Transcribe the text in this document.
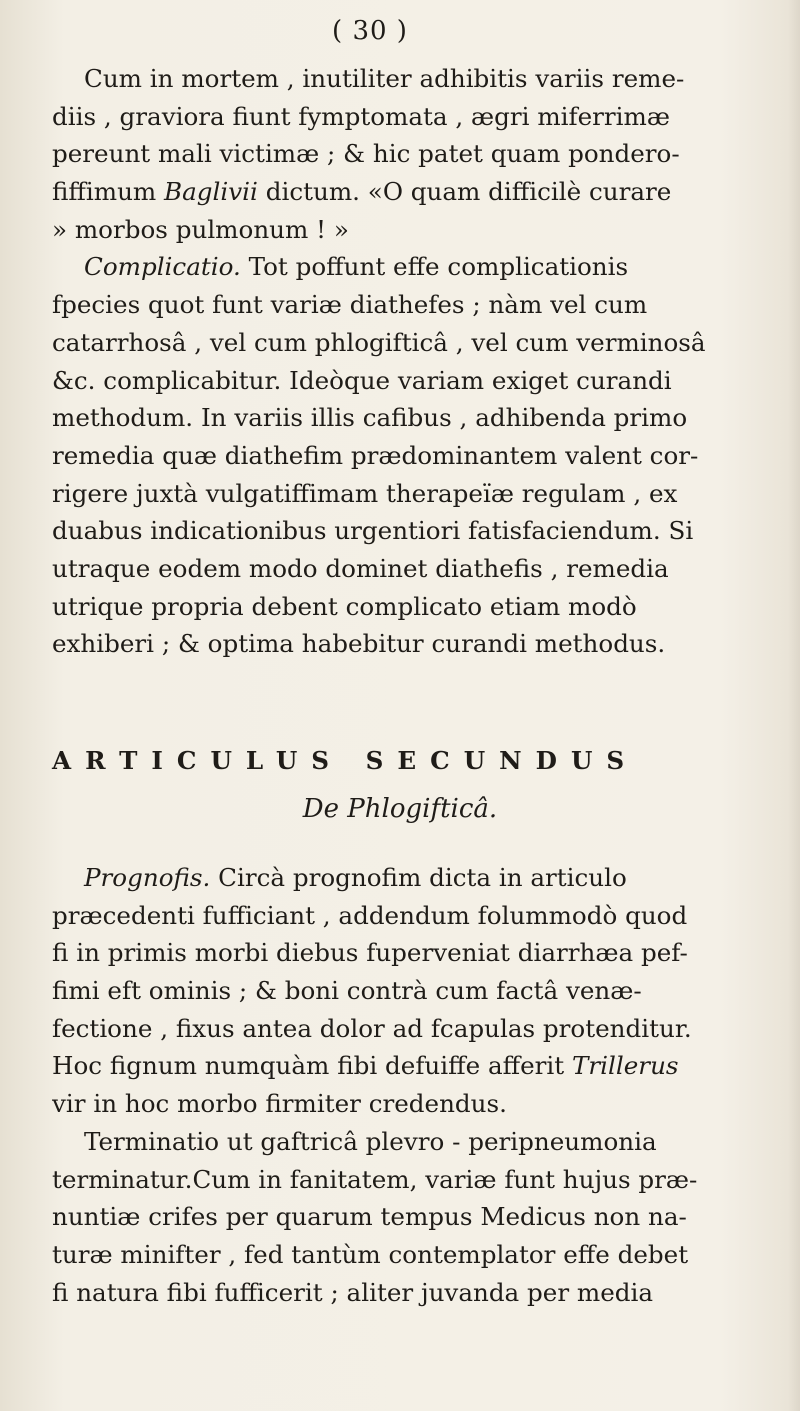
( 30 )
Cum in mortem , inutiliter adhibitis variis reme-
diis , graviora fiunt fymptomata , ægri miferrimæ
pereunt mali victimæ ; & hic patet quam pondero-
fiffimum Baglivii dictum. «O quam difficilè curare
» morbos pulmonum ! »
Complicatio. Tot poffunt effe complicationis
fpecies quot funt variæ diathefes ; nàm vel cum
catarrhosâ , vel cum phlogifticâ , vel cum verminosâ
&c. complicabitur. Ideòque variam exiget curandi
methodum. In variis illis cafibus , adhibenda primo
remedia quæ diathefim prædominantem valent cor-
rigere juxtà vulgatiffimam therapeïæ regulam , ex
duabus indicationibus urgentiori fatisfaciendum. Si
utraque eodem modo dominet diathefis , remedia
utrique propria debent complicato etiam modò
exhiberi ; & optima habebitur curandi methodus.
ARTICULUS SECUNDUS
De Phlogifticâ.
Prognofis. Circà prognofim dicta in articulo
præcedenti fufficiant , addendum folummodò quod
fi in primis morbi diebus fuperveniat diarrhæa pef-
fimi eft ominis ; & boni contrà cum factâ venæ-
fectione , fixus antea dolor ad fcapulas protenditur.
Hoc fignum numquàm fibi defuiffe afferit Trillerus
vir in hoc morbo firmiter credendus.
Terminatio ut gaftricâ plevro - peripneumonia
terminatur.Cum in fanitatem, variæ funt hujus præ-
nuntiæ crifes per quarum tempus Medicus non na-
turæ minifter , fed tantùm contemplator effe debet
fi natura fibi fufficerit ; aliter juvanda per media
